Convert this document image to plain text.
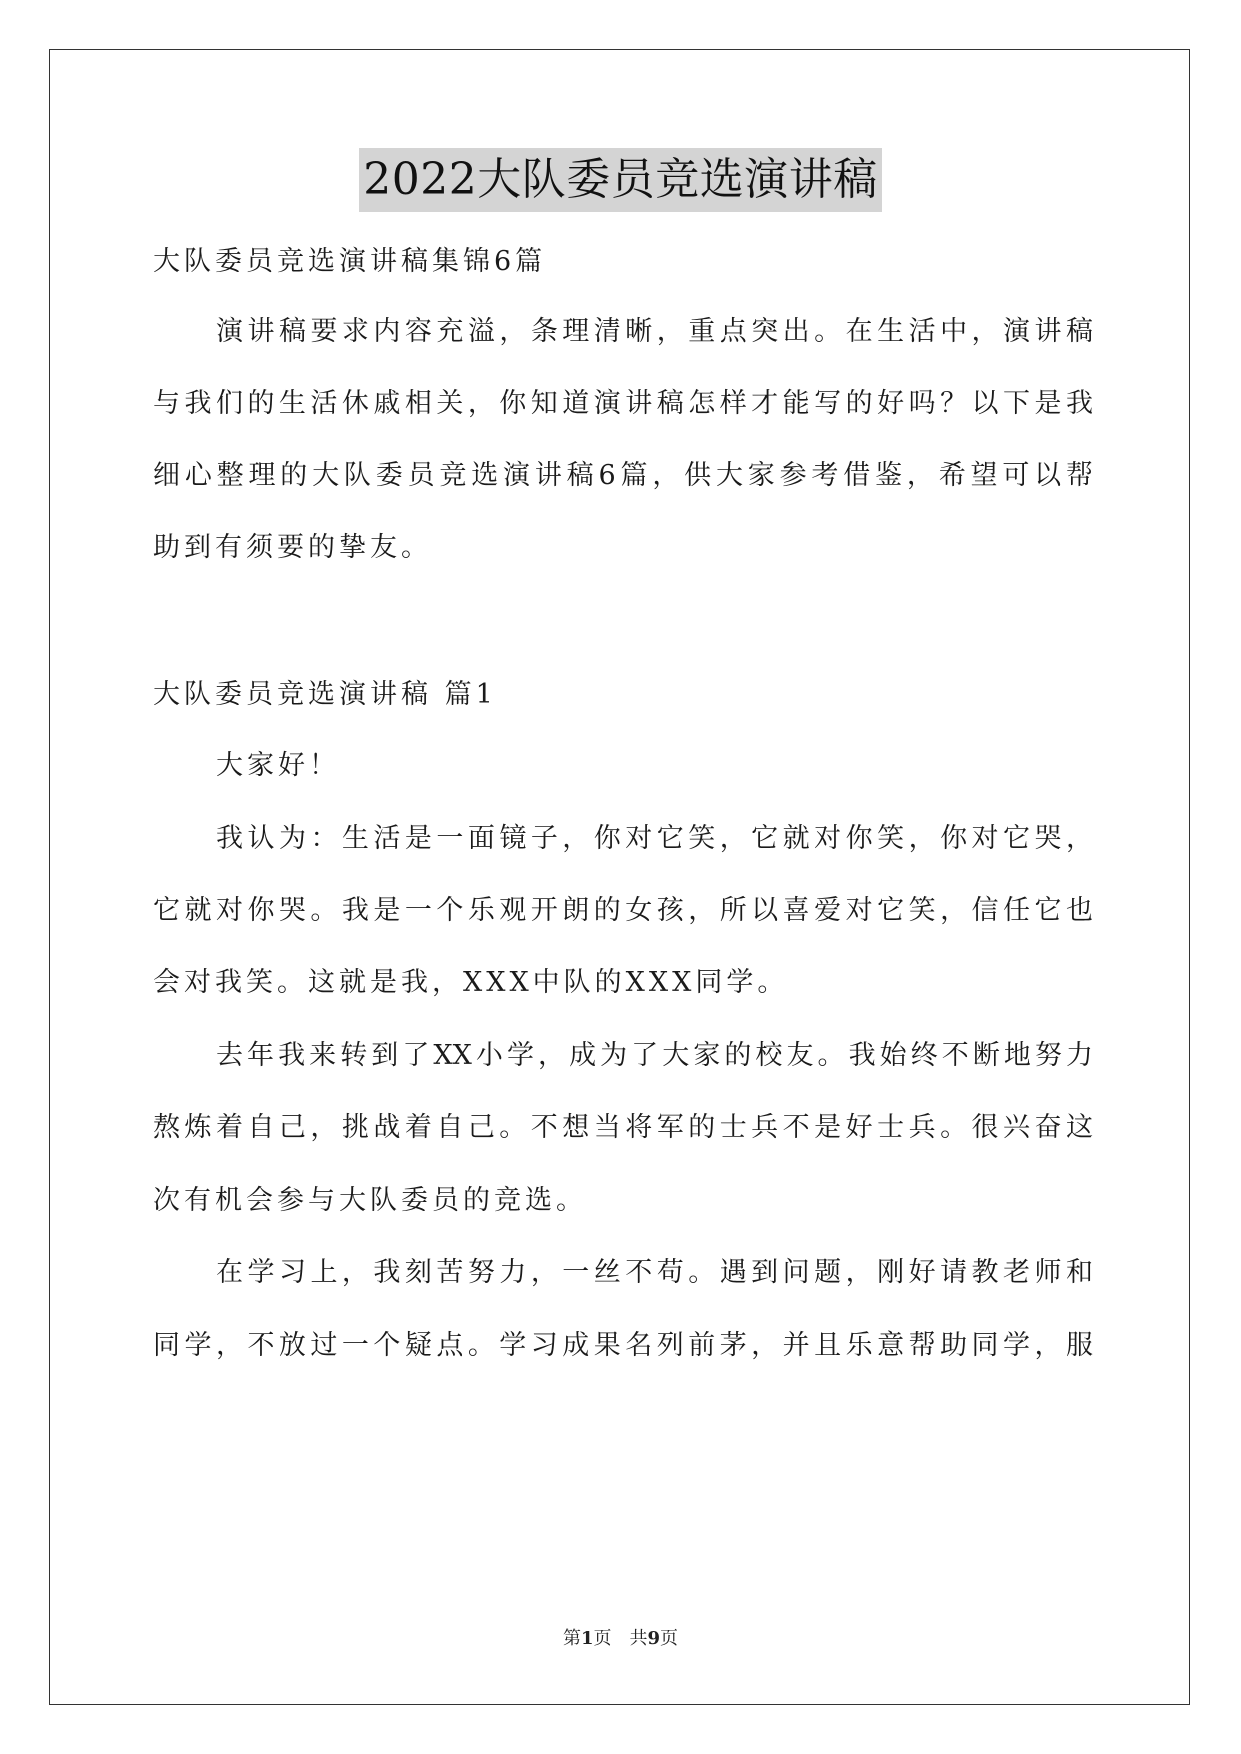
2022大队委员竞选演讲稿
大队委员竞选演讲稿集锦6篇
演讲稿要求内容充溢，条理清晰，重点突出。在生活中，演讲稿
与我们的生活休戚相关，你知道演讲稿怎样才能写的好吗？以下是我
细心整理的大队委员竞选演讲稿6篇，供大家参考借鉴，希望可以帮
助到有须要的挚友。
大队委员竞选演讲稿 篇1
大家好！
我认为：生活是一面镜子，你对它笑，它就对你笑，你对它哭，
它就对你哭。我是一个乐观开朗的女孩，所以喜爱对它笑，信任它也
会对我笑。这就是我，XXX中队的XXX同学。
去年我来转到了XX小学，成为了大家的校友。我始终不断地努力
熬炼着自己，挑战着自己。不想当将军的士兵不是好士兵。很兴奋这
次有机会参与大队委员的竞选。
在学习上，我刻苦努力，一丝不苟。遇到问题，刚好请教老师和
同学，不放过一个疑点。学习成果名列前茅，并且乐意帮助同学，服
第1页　共9页
